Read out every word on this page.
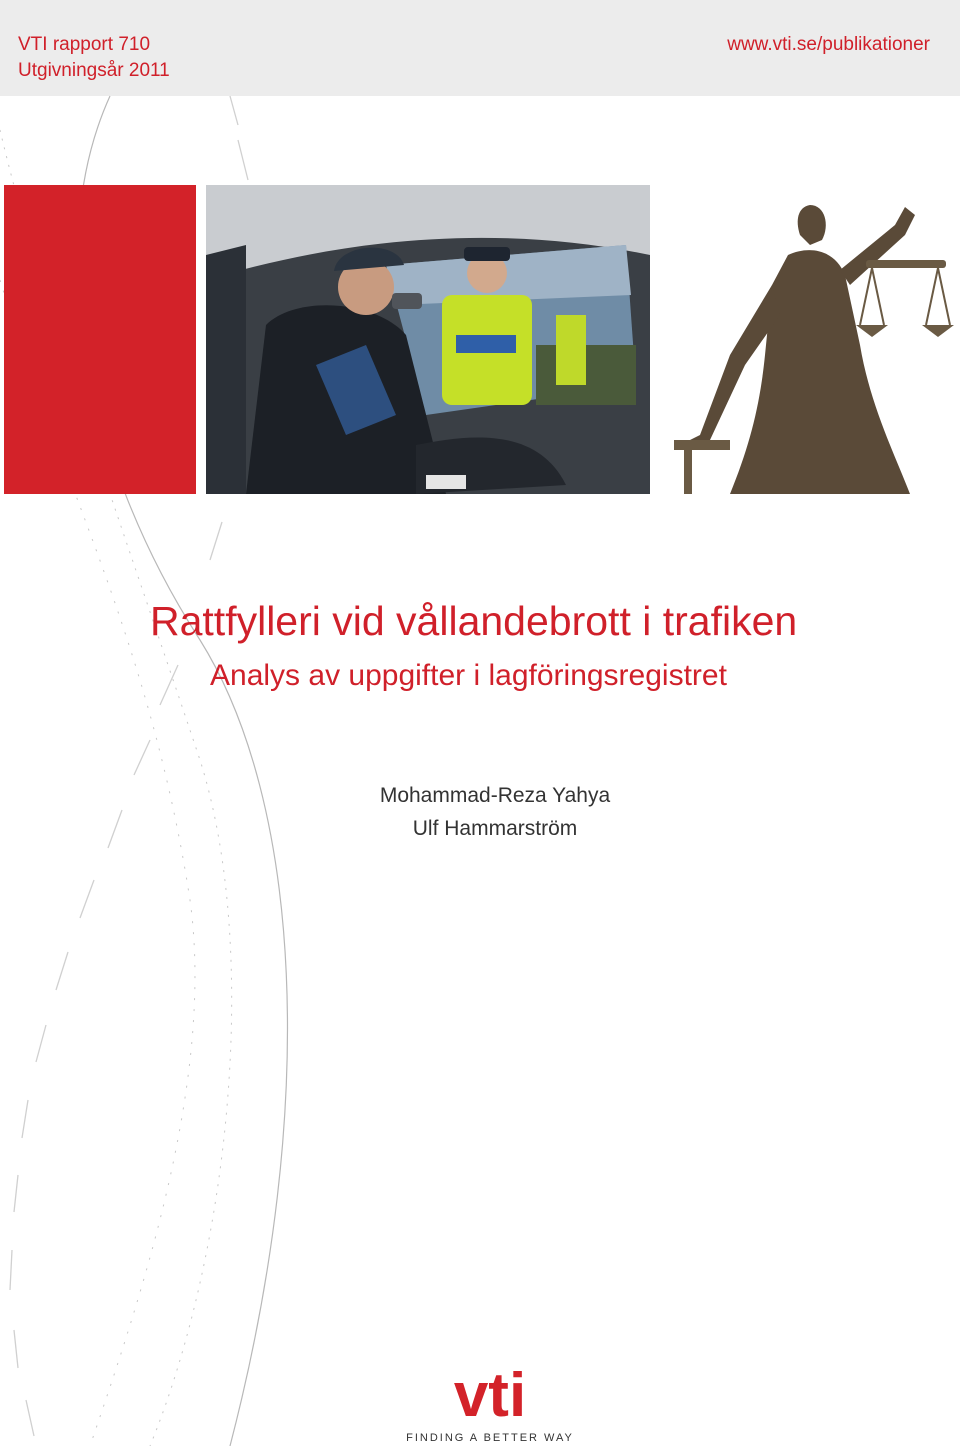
VTI rapport 710
Utgivningsår 2011
www.vti.se/publikationer
Rattfylleri vid vållandebrott i trafiken
Analys av uppgifter i lagföringsregistret
Mohammad-Reza Yahya
Ulf Hammarström
vti
FINDING A BETTER WAY
